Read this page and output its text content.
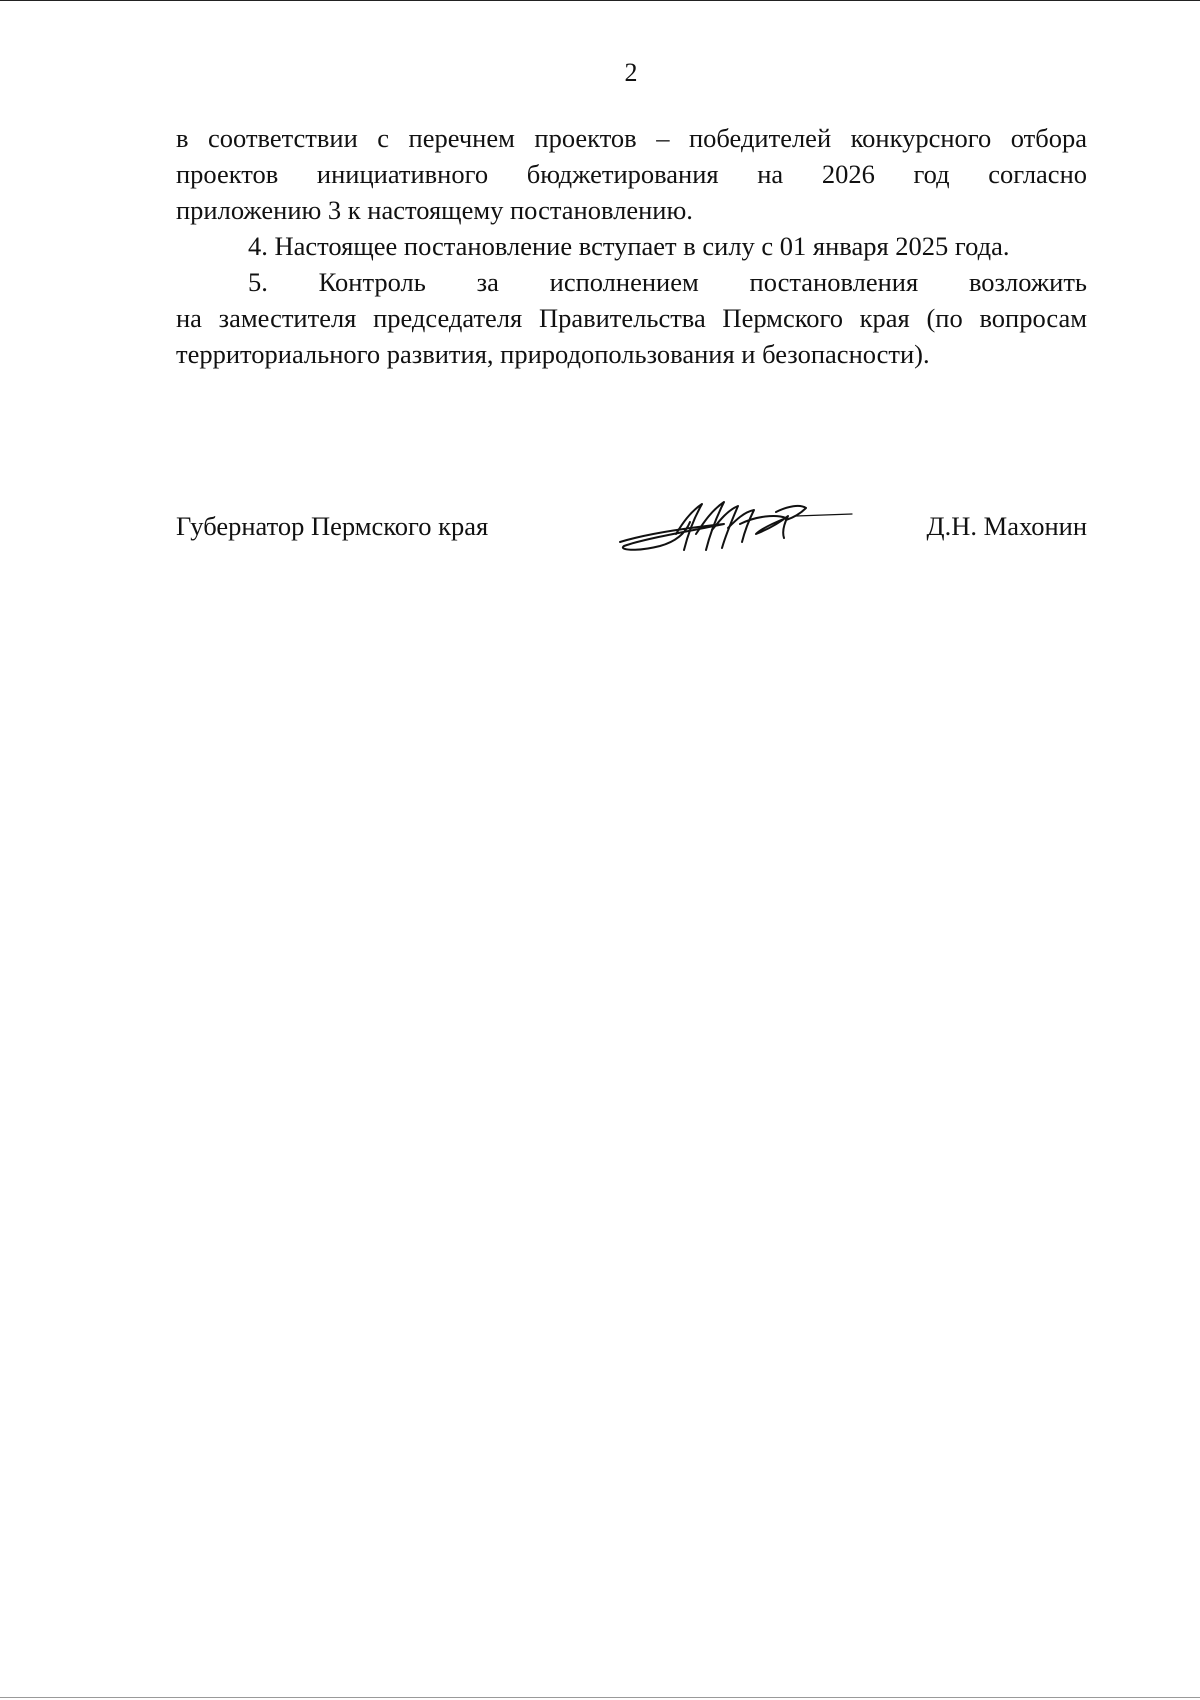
2

в соответствии с перечнем проектов – победителей конкурсного отбора

проектов инициативного бюджетирования на 2026 год согласно

приложению 3 к настоящему постановлению.

4. Настоящее постановление вступает в силу с 01 января 2025 года.

5. Контроль за исполнением постановления возложить

на заместителя председателя Правительства Пермского края (по вопросам территориального развития, природопользования и безопасности).

Губернатор Пермского края	Д.Н. Махонин
